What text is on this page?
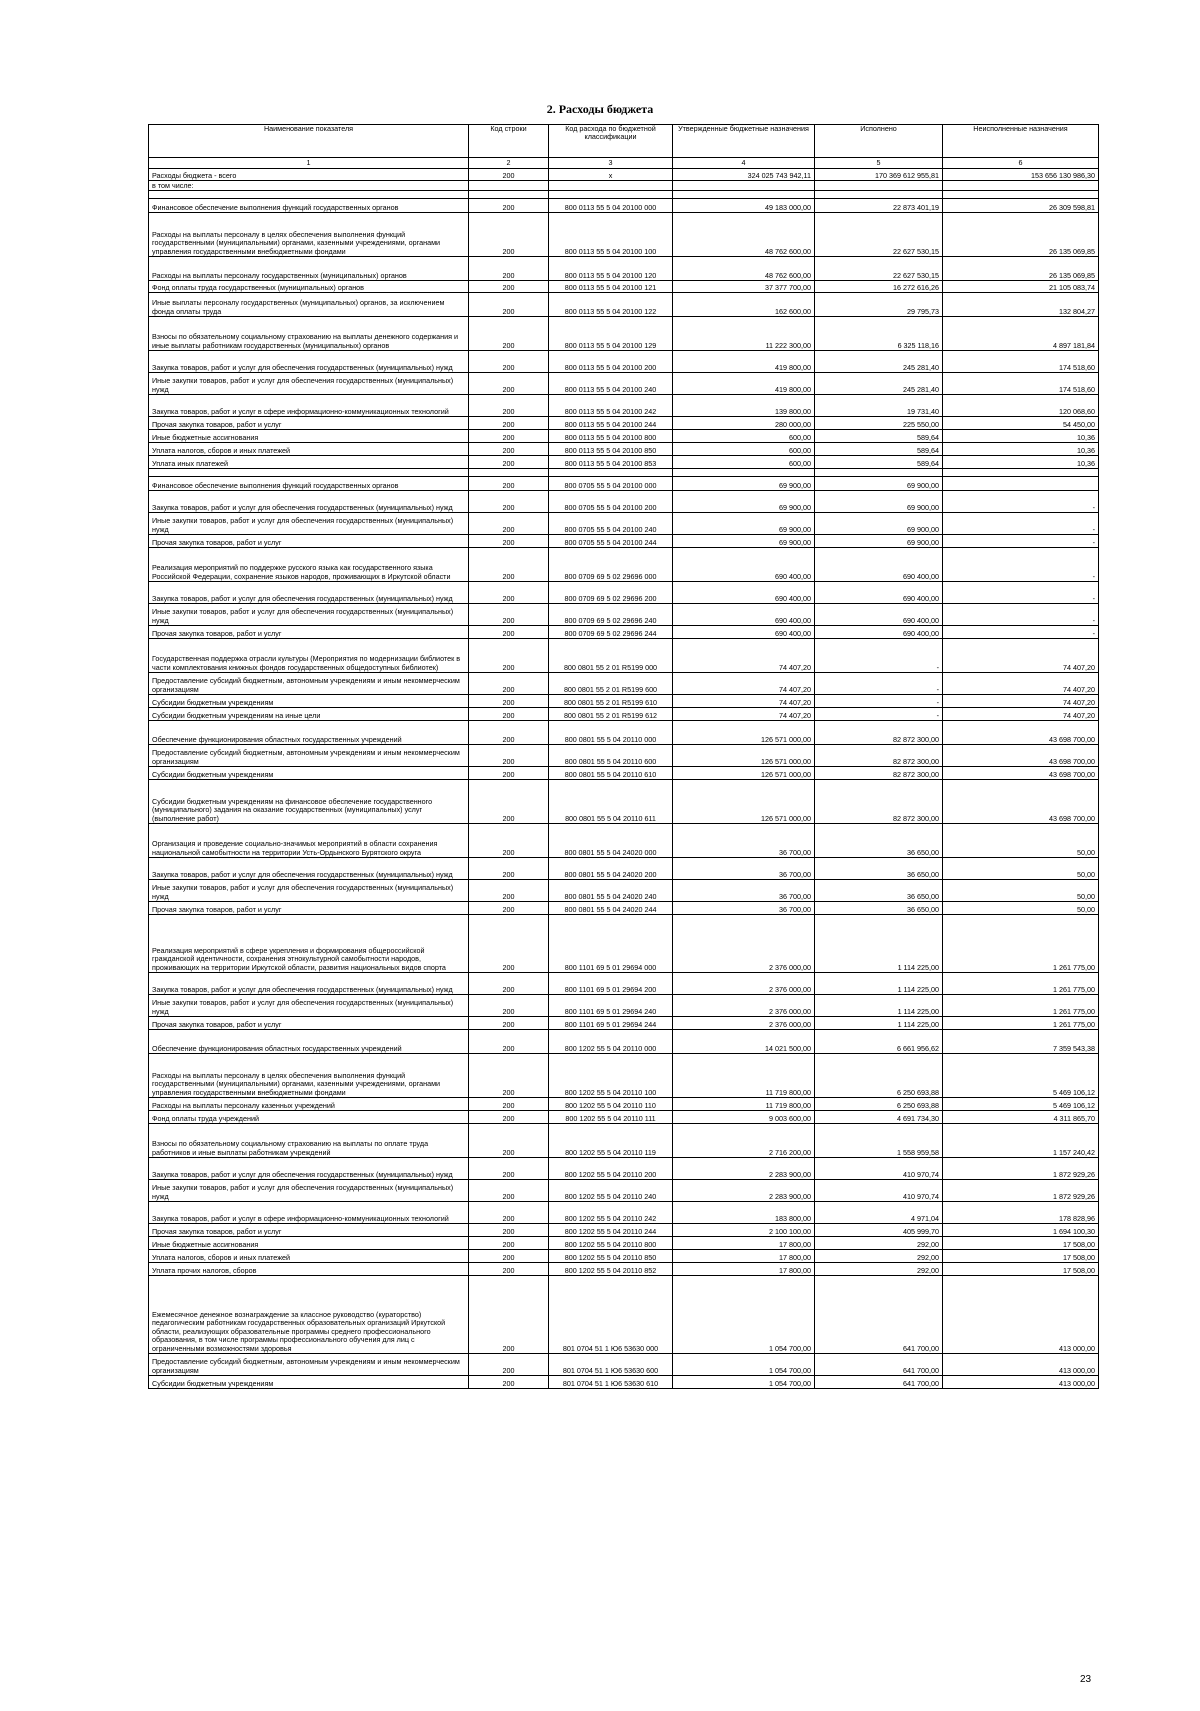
2. Расходы бюджета
Наименование показателя	Код строки	Код расхода по бюджетной классификации	Утвержденные бюджетные назначения	Исполнено	Неисполненные назначения
1	2	3	4	5	6
Расходы бюджета - всего	200	x	324 025 743 942,11	170 369 612 955,81	153 656 130 986,30
в том числе:					

Финансовое обеспечение выполнения функций государственных органов	200	800 0113 55 5 04 20100 000	49 183 000,00	22 873 401,19	26 309 598,81
Расходы на выплаты персоналу в целях обеспечения выполнения функций государственными (муниципальными) органами, казенными учреждениями, органами управления государственными внебюджетными фондами	200	800 0113 55 5 04 20100 100	48 762 600,00	22 627 530,15	26 135 069,85
Расходы на выплаты персоналу государственных (муниципальных) органов	200	800 0113 55 5 04 20100 120	48 762 600,00	22 627 530,15	26 135 069,85
Фонд оплаты труда государственных (муниципальных) органов	200	800 0113 55 5 04 20100 121	37 377 700,00	16 272 616,26	21 105 083,74
Иные выплаты персоналу государственных (муниципальных) органов, за исключением фонда оплаты труда	200	800 0113 55 5 04 20100 122	162 600,00	29 795,73	132 804,27
Взносы по обязательному социальному страхованию на выплаты денежного содержания и иные выплаты работникам государственных (муниципальных) органов	200	800 0113 55 5 04 20100 129	11 222 300,00	6 325 118,16	4 897 181,84
Закупка товаров, работ и услуг для обеспечения государственных (муниципальных) нужд	200	800 0113 55 5 04 20100 200	419 800,00	245 281,40	174 518,60
Иные закупки товаров, работ и услуг для обеспечения государственных (муниципальных) нужд	200	800 0113 55 5 04 20100 240	419 800,00	245 281,40	174 518,60
Закупка товаров, работ и услуг в сфере информационно-коммуникационных технологий	200	800 0113 55 5 04 20100 242	139 800,00	19 731,40	120 068,60
Прочая закупка товаров, работ и услуг	200	800 0113 55 5 04 20100 244	280 000,00	225 550,00	54 450,00
Иные бюджетные ассигнования	200	800 0113 55 5 04 20100 800	600,00	589,64	10,36
Уплата налогов, сборов и иных платежей	200	800 0113 55 5 04 20100 850	600,00	589,64	10,36
Уплата иных платежей	200	800 0113 55 5 04 20100 853	600,00	589,64	10,36

Финансовое обеспечение выполнения функций государственных органов	200	800 0705 55 5 04 20100 000	69 900,00	69 900,00	
Закупка товаров, работ и услуг для обеспечения государственных (муниципальных) нужд	200	800 0705 55 5 04 20100 200	69 900,00	69 900,00	-
Иные закупки товаров, работ и услуг для обеспечения государственных (муниципальных) нужд	200	800 0705 55 5 04 20100 240	69 900,00	69 900,00	-
Прочая закупка товаров, работ и услуг	200	800 0705 55 5 04 20100 244	69 900,00	69 900,00	-
Реализация мероприятий по поддержке русского языка как государственного языка Российской Федерации, сохранение языков народов, проживающих в Иркутской области	200	800 0709 69 5 02 29696 000	690 400,00	690 400,00	-
Закупка товаров, работ и услуг для обеспечения государственных (муниципальных) нужд	200	800 0709 69 5 02 29696 200	690 400,00	690 400,00	-
Иные закупки товаров, работ и услуг для обеспечения государственных (муниципальных) нужд	200	800 0709 69 5 02 29696 240	690 400,00	690 400,00	-
Прочая закупка товаров, работ и услуг	200	800 0709 69 5 02 29696 244	690 400,00	690 400,00	-
Государственная поддержка отрасли культуры (Мероприятия по модернизации библиотек в части комплектования книжных фондов государственных общедоступных библиотек)	200	800 0801 55 2 01 R5199 000	74 407,20	-	74 407,20
Предоставление субсидий бюджетным, автономным учреждениям и иным некоммерческим организациям	200	800 0801 55 2 01 R5199 600	74 407,20	-	74 407,20
Субсидии бюджетным учреждениям	200	800 0801 55 2 01 R5199 610	74 407,20	-	74 407,20
Субсидии бюджетным учреждениям на иные цели	200	800 0801 55 2 01 R5199 612	74 407,20	-	74 407,20
Обеспечение функционирования областных государственных учреждений	200	800 0801 55 5 04 20110 000	126 571 000,00	82 872 300,00	43 698 700,00
Предоставление субсидий бюджетным, автономным учреждениям и иным некоммерческим организациям	200	800 0801 55 5 04 20110 600	126 571 000,00	82 872 300,00	43 698 700,00
Субсидии бюджетным учреждениям	200	800 0801 55 5 04 20110 610	126 571 000,00	82 872 300,00	43 698 700,00
Субсидии бюджетным учреждениям на финансовое обеспечение государственного (муниципального) задания на оказание государственных (муниципальных) услуг (выполнение работ)	200	800 0801 55 5 04 20110 611	126 571 000,00	82 872 300,00	43 698 700,00
Организация и проведение социально-значимых мероприятий в области сохранения национальной самобытности на территории Усть-Ордынского Бурятского округа	200	800 0801 55 5 04 24020 000	36 700,00	36 650,00	50,00
Закупка товаров, работ и услуг для обеспечения государственных (муниципальных) нужд	200	800 0801 55 5 04 24020 200	36 700,00	36 650,00	50,00
Иные закупки товаров, работ и услуг для обеспечения государственных (муниципальных) нужд	200	800 0801 55 5 04 24020 240	36 700,00	36 650,00	50,00
Прочая закупка товаров, работ и услуг	200	800 0801 55 5 04 24020 244	36 700,00	36 650,00	50,00
Реализация мероприятий в сфере укрепления и формирования общероссийской гражданской идентичности, сохранения этнокультурной самобытности народов, проживающих на территории Иркутской области, развития национальных видов спорта	200	800 1101 69 5 01 29694 000	2 376 000,00	1 114 225,00	1 261 775,00
Закупка товаров, работ и услуг для обеспечения государственных (муниципальных) нужд	200	800 1101 69 5 01 29694 200	2 376 000,00	1 114 225,00	1 261 775,00
Иные закупки товаров, работ и услуг для обеспечения государственных (муниципальных) нужд	200	800 1101 69 5 01 29694 240	2 376 000,00	1 114 225,00	1 261 775,00
Прочая закупка товаров, работ и услуг	200	800 1101 69 5 01 29694 244	2 376 000,00	1 114 225,00	1 261 775,00
Обеспечение функционирования областных государственных учреждений	200	800 1202 55 5 04 20110 000	14 021 500,00	6 661 956,62	7 359 543,38
Расходы на выплаты персоналу в целях обеспечения выполнения функций государственными (муниципальными) органами, казенными учреждениями, органами управления государственными внебюджетными фондами	200	800 1202 55 5 04 20110 100	11 719 800,00	6 250 693,88	5 469 106,12
Расходы на выплаты персоналу казенных учреждений	200	800 1202 55 5 04 20110 110	11 719 800,00	6 250 693,88	5 469 106,12
Фонд оплаты труда учреждений	200	800 1202 55 5 04 20110 111	9 003 600,00	4 691 734,30	4 311 865,70
Взносы по обязательному социальному страхованию на выплаты по оплате труда работников и иные выплаты работникам учреждений	200	800 1202 55 5 04 20110 119	2 716 200,00	1 558 959,58	1 157 240,42
Закупка товаров, работ и услуг для обеспечения государственных (муниципальных) нужд	200	800 1202 55 5 04 20110 200	2 283 900,00	410 970,74	1 872 929,26
Иные закупки товаров, работ и услуг для обеспечения государственных (муниципальных) нужд	200	800 1202 55 5 04 20110 240	2 283 900,00	410 970,74	1 872 929,26
Закупка товаров, работ и услуг в сфере информационно-коммуникационных технологий	200	800 1202 55 5 04 20110 242	183 800,00	4 971,04	178 828,96
Прочая закупка товаров, работ и услуг	200	800 1202 55 5 04 20110 244	2 100 100,00	405 999,70	1 694 100,30
Иные бюджетные ассигнования	200	800 1202 55 5 04 20110 800	17 800,00	292,00	17 508,00
Уплата налогов, сборов и иных платежей	200	800 1202 55 5 04 20110 850	17 800,00	292,00	17 508,00
Уплата прочих налогов, сборов	200	800 1202 55 5 04 20110 852	17 800,00	292,00	17 508,00
Ежемесячное денежное вознаграждение за классное руководство (кураторство) педагогическим работникам государственных образовательных организаций Иркутской области, реализующих образовательные программы среднего профессионального образования, в том числе программы профессионального обучения для лиц с ограниченными возможностями здоровья	200	801 0704 51 1 Ю6 53630 000	1 054 700,00	641 700,00	413 000,00
Предоставление субсидий бюджетным, автономным учреждениям и иным некоммерческим организациям	200	801 0704 51 1 Ю6 53630 600	1 054 700,00	641 700,00	413 000,00
Субсидии бюджетным учреждениям	200	801 0704 51 1 Ю6 53630 610	1 054 700,00	641 700,00	413 000,00
23
